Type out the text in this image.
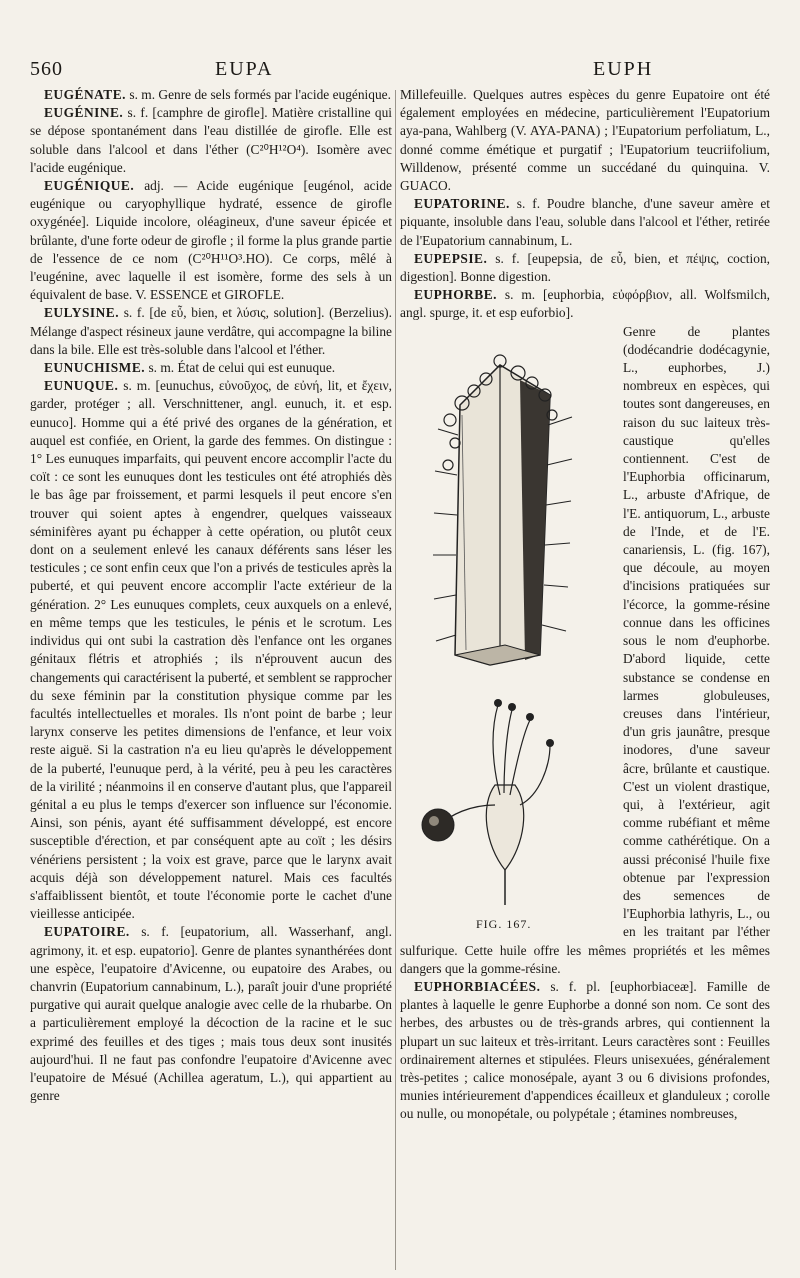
560	EUPA	EUPH

EUGÉNATE. s. m. Genre de sels formés par l'acide eugénique.

EUGÉNINE. s. f. [camphre de girofle]. Matière cristalline qui se dépose spontanément dans l'eau distillée de girofle. Elle est soluble dans l'alcool et dans l'éther (C²⁰H¹²O⁴). Isomère avec l'acide eugénique.

EUGÉNIQUE. adj. — Acide eugénique [eugénol, acide eugénique ou caryophyllique hydraté, essence de girofle oxygénée]. Liquide incolore, oléagineux, d'une saveur épicée et brûlante, d'une forte odeur de girofle ; il forme la plus grande partie de l'essence de ce nom (C²⁰H¹¹O³.HO). Ce corps, mêlé à l'eugénine, avec laquelle il est isomère, forme des sels à un équivalent de base. V. ESSENCE et GIROFLE.

EULYSINE. s. f. [de εὖ, bien, et λύσις, solution]. (Berzelius). Mélange d'aspect résineux jaune verdâtre, qui accompagne la biline dans la bile. Elle est très-soluble dans l'alcool et l'éther.

EUNUCHISME. s. m. État de celui qui est eunuque.

EUNUQUE. s. m. [eunuchus, εὐνοῦχος, de εὐνή, lit, et ἔχειν, garder, protéger ; all. Verschnittener, angl. eunuch, it. et esp. eunuco]. Homme qui a été privé des organes de la génération, et auquel est confiée, en Orient, la garde des femmes. On distingue : 1° Les eunuques imparfaits, qui peuvent encore accomplir l'acte du coït : ce sont les eunuques dont les testicules ont été atrophiés dès le bas âge par froissement, et parmi lesquels il peut encore s'en trouver qui soient aptes à engendrer, quelques vaisseaux séminifères ayant pu échapper à cette opération, ou plutôt ceux dont on a seulement enlevé les canaux déférents sans léser les testicules ; ce sont enfin ceux que l'on a privés de testicules après la puberté, et qui peuvent encore accomplir l'acte extérieur de la génération. 2° Les eunuques complets, ceux auxquels on a enlevé, en même temps que les testicules, le pénis et le scrotum. Les individus qui ont subi la castration dès l'enfance ont les organes génitaux flétris et atrophiés ; ils n'éprouvent aucun des changements qui caractérisent la puberté, et semblent se rapprocher du sexe féminin par la constitution physique comme par les facultés intellectuelles et morales. Ils n'ont point de barbe ; leur larynx conserve les petites dimensions de l'enfance, et leur voix reste aiguë. Si la castration n'a eu lieu qu'après le développement de la puberté, l'eunuque perd, à la vérité, peu à peu les caractères de la virilité ; néanmoins il en conserve d'autant plus, que l'appareil génital a eu plus le temps d'exercer son influence sur l'économie. Ainsi, son pénis, ayant été suffisamment développé, est encore susceptible d'érection, et par conséquent apte au coït ; les désirs vénériens persistent ; la voix est grave, parce que le larynx avait acquis déjà son développement naturel. Mais ces facultés s'affaiblissent bientôt, et toute l'économie porte le cachet d'une vieillesse anticipée.

EUPATOIRE. s. f. [eupatorium, all. Wasserhanf, angl. agrimony, it. et esp. eupatorio]. Genre de plantes synanthérées dont une espèce, l'eupatoire d'Avicenne, ou eupatoire des Arabes, ou chanvrin (Eupatorium cannabinum, L.), paraît jouir d'une propriété purgative qui aurait quelque analogie avec celle de la rhubarbe. On a particulièrement employé la décoction de la racine et le suc exprimé des feuilles et des tiges ; mais tous deux sont inusités aujourd'hui. Il ne faut pas confondre l'eupatoire d'Avicenne avec l'eupatoire de Mésué (Achillea ageratum, L.), qui appartient au genre

Millefeuille. Quelques autres espèces du genre Eupatoire ont été également employées en médecine, particulièrement l'Eupatorium aya-pana, Wahlberg (V. AYA-PANA) ; l'Eupatorium perfoliatum, L., donné comme émétique et purgatif ; l'Eupatorium teucriifolium, Willdenow, présenté comme un succédané du quinquina. V. GUACO.

EUPATORINE. s. f. Poudre blanche, d'une saveur amère et piquante, insoluble dans l'eau, soluble dans l'alcool et l'éther, retirée de l'Eupatorium cannabinum, L.

EUPEPSIE. s. f. [eupepsia, de εὖ, bien, et πέψις, coction, digestion]. Bonne digestion.

EUPHORBE. s. m. [euphorbia, εὐφόρβιον, all. Wolfsmilch, angl. spurge, it. et esp euforbio].

FIG. 167.

Genre de plantes (dodécandrie dodécagynie, L., euphorbes, J.) nombreux en espèces, qui toutes sont dangereuses, en raison du suc laiteux très-caustique qu'elles contiennent. C'est de l'Euphorbia officinarum, L., arbuste d'Afrique, de l'E. antiquorum, L., arbuste de l'Inde, et de l'E. canariensis, L. (fig. 167), que découle, au moyen d'incisions pratiquées sur l'écorce, la gomme-résine connue dans les officines sous le nom d'euphorbe. D'abord liquide, cette substance se condense en larmes globuleuses, creuses dans l'intérieur, d'un gris jaunâtre, presque inodores, d'une saveur âcre, brûlante et caustique. C'est un violent drastique, qui, à l'extérieur, agit comme rubéfiant et même comme cathérétique. On a aussi préconisé l'huile fixe obtenue par l'expression des semences de l'Euphorbia lathyris, L., ou en les traitant par l'éther sulfurique. Cette huile offre les mêmes propriétés et les mêmes dangers que la gomme-résine.

EUPHORBIACÉES. s. f. pl. [euphorbiaceæ]. Famille de plantes à laquelle le genre Euphorbe a donné son nom. Ce sont des herbes, des arbustes ou de très-grands arbres, qui contiennent la plupart un suc laiteux et très-irritant. Leurs caractères sont : Feuilles ordinairement alternes et stipulées. Fleurs unisexuées, généralement très-petites ; calice monosépale, ayant 3 ou 6 divisions profondes, munies intérieurement d'appendices écailleux et glanduleux ; corolle ou nulle, ou monopétale, ou polypétale ; étamines nombreuses,
